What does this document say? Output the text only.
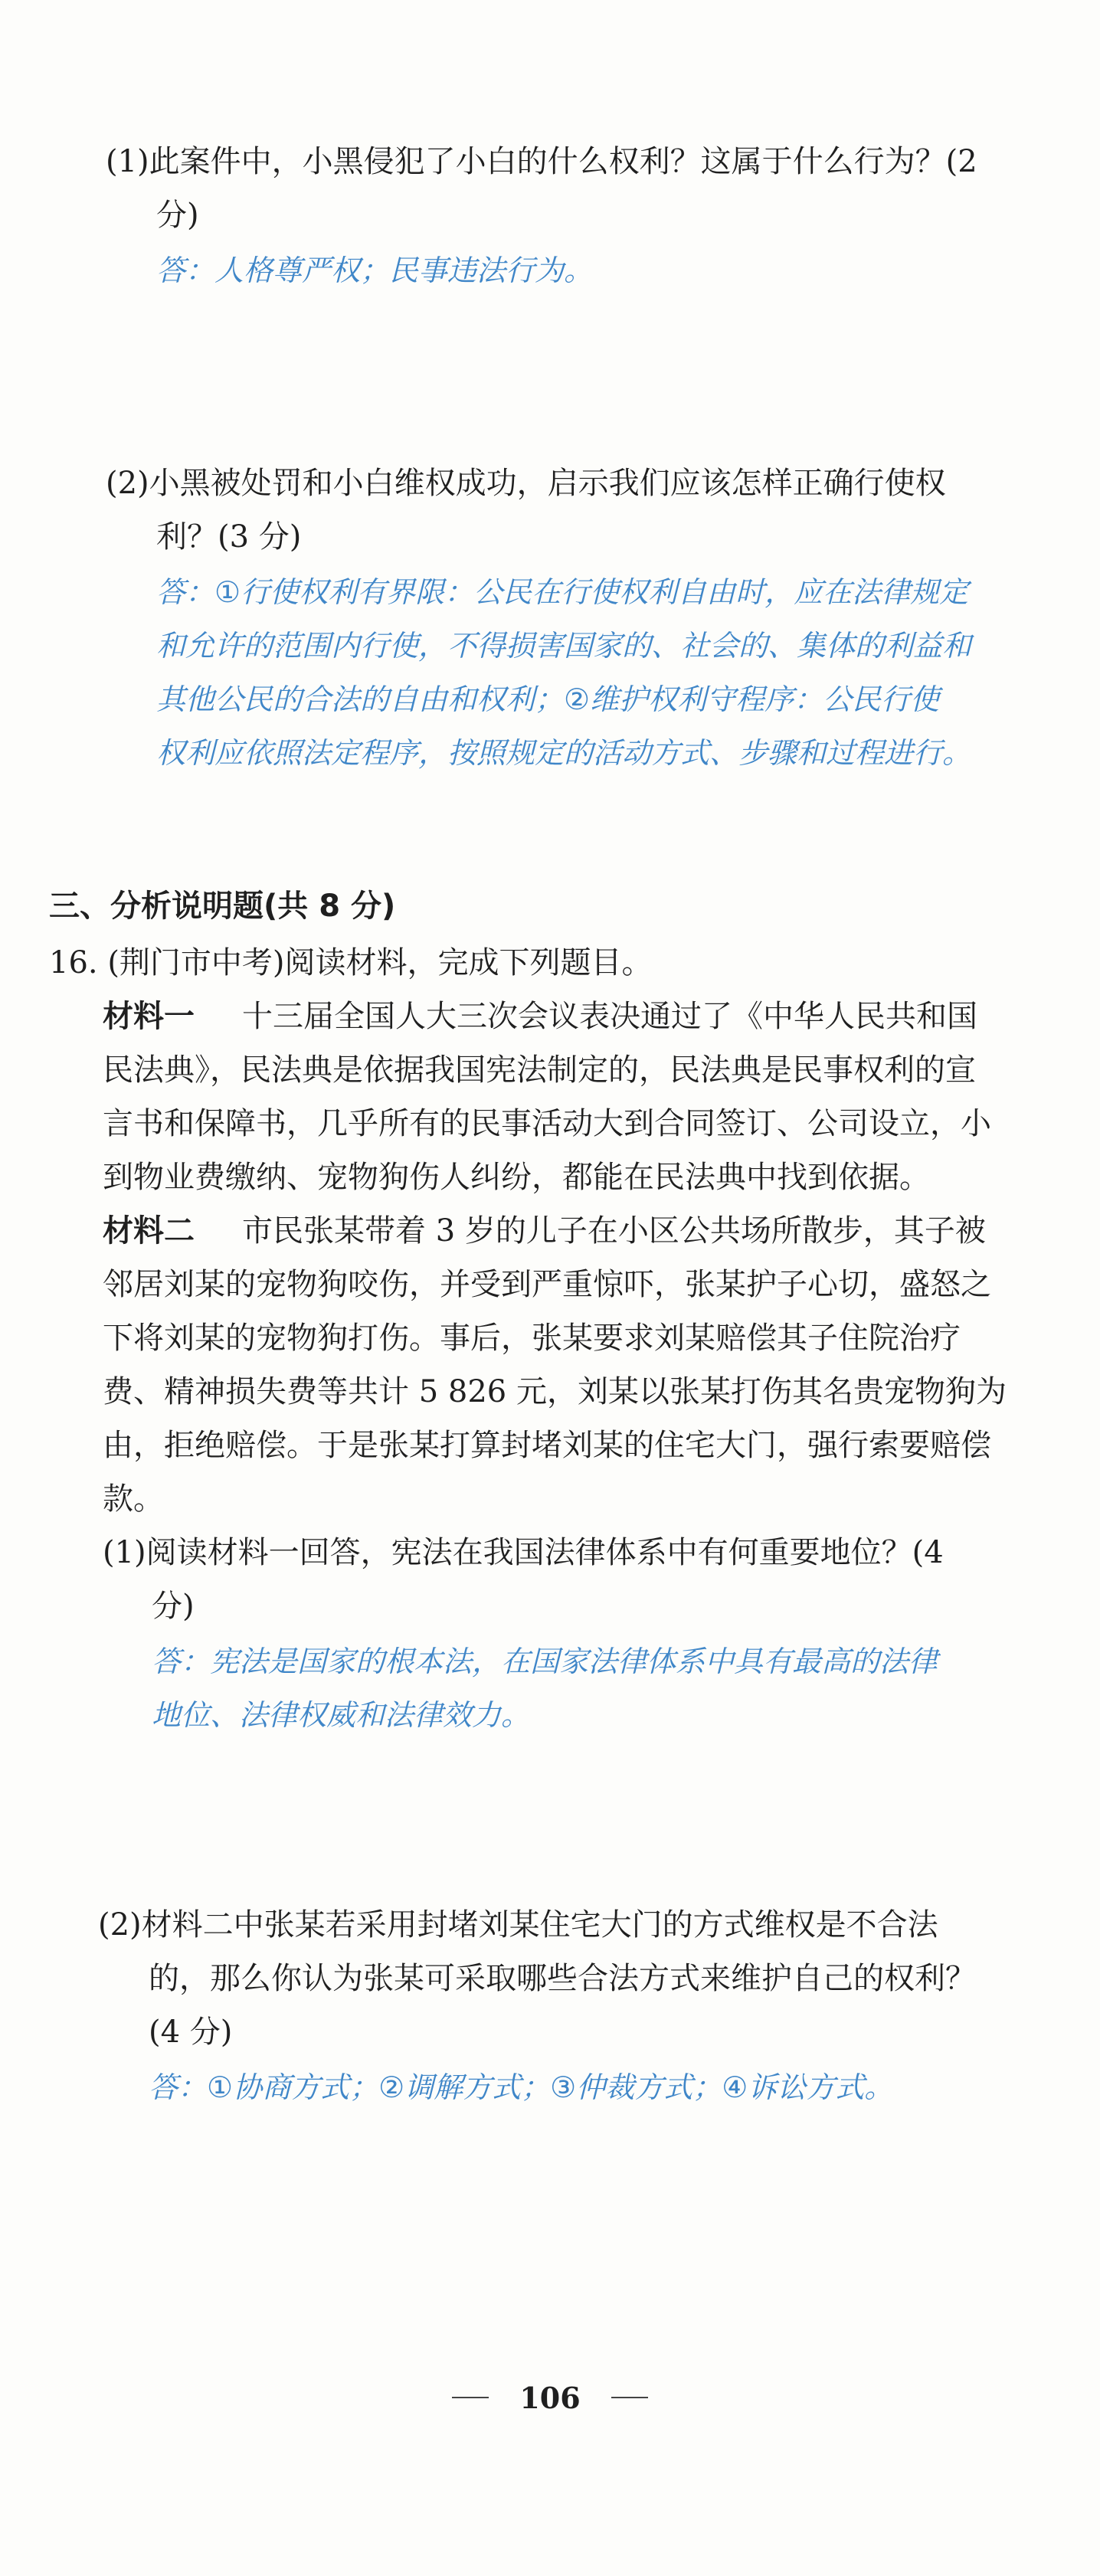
(1)此案件中，小黑侵犯了小白的什么权利？这属于什么行为？(2
分)
答：人格尊严权；民事违法行为。
(2)小黑被处罚和小白维权成功，启示我们应该怎样正确行使权
利？(3 分)
答：①行使权利有界限：公民在行使权利自由时，应在法律规定
和允许的范围内行使，不得损害国家的、社会的、集体的利益和
其他公民的合法的自由和权利；②维护权利守程序：公民行使
权利应依照法定程序，按照规定的活动方式、步骤和过程进行。
三、分析说明题(共 8 分)
16. (荆门市中考)阅读材料，完成下列题目。
材料一 十三届全国人大三次会议表决通过了《中华人民共和国
民法典》，民法典是依据我国宪法制定的，民法典是民事权利的宣
言书和保障书，几乎所有的民事活动大到合同签订、公司设立，小
到物业费缴纳、宠物狗伤人纠纷，都能在民法典中找到依据。
材料二 市民张某带着 3 岁的儿子在小区公共场所散步，其子被
邻居刘某的宠物狗咬伤，并受到严重惊吓，张某护子心切，盛怒之
下将刘某的宠物狗打伤。事后，张某要求刘某赔偿其子住院治疗
费、精神损失费等共计 5 826 元，刘某以张某打伤其名贵宠物狗为
由，拒绝赔偿。于是张某打算封堵刘某的住宅大门，强行索要赔偿
款。
(1)阅读材料一回答，宪法在我国法律体系中有何重要地位？(4
分)
答：宪法是国家的根本法，在国家法律体系中具有最高的法律
地位、法律权威和法律效力。
(2)材料二中张某若采用封堵刘某住宅大门的方式维权是不合法
的，那么你认为张某可采取哪些合法方式来维护自己的权利？
(4 分)
答：①协商方式；②调解方式；③仲裁方式；④诉讼方式。
106
